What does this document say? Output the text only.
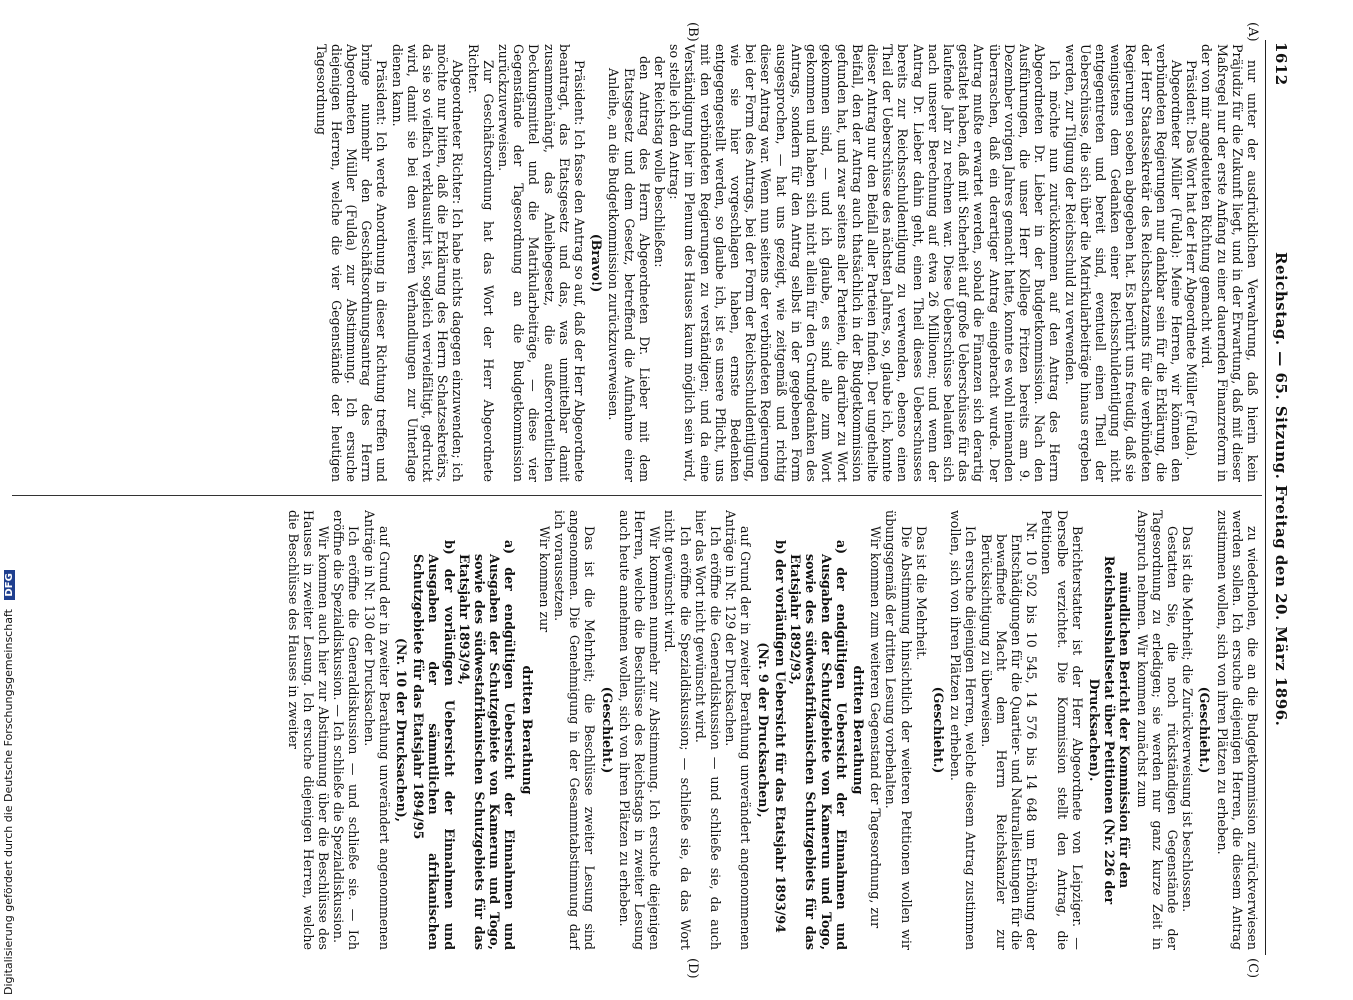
1612
Reichstag. — 65. Sitzung. Freitag den 20. März 1896.
(A)
(B)
(C)
(D)

nur unter der ausdrücklichen Verwahrung, daß hierin kein Präjudiz für die Zukunft liegt, und in der Erwartung, daß mit dieser Maßregel nur der erste Anfang zu einer dauernden Finanzreform in der von mir angedeuteten Richtung gemacht wird.

Präsident: Das Wort hat der Herr Abgeordnete Müller (Fulda).

Abgeordneter Müller (Fulda): Meine Herren, wir können den verbündeten Regierungen nur dankbar sein für die Erklärung, die der Herr Staatssekretär des Reichsschatzamts für die verbündeten Regierungen soeben abgegeben hat. Es berührt uns freudig, daß sie wenigstens dem Gedanken einer Reichsschuldentilgung nicht entgegentreten und bereit sind, eventuell einen Theil der Ueberschüsse, die sich über die Matrikularbeiträge hinaus ergeben werden, zur Tilgung der Reichsschuld zu verwenden.

Ich möchte nun zurückkommen auf den Antrag des Herrn Abgeordneten Dr. Lieber in der Budgetkommission. Nach den Ausführungen, die unser Herr Kollege Fritzen bereits am 9. Dezember vorigen Jahres gemacht hatte, konnte es wohl niemanden überraschen, daß ein derartiger Antrag eingebracht wurde. Der Antrag mußte erwartet werden, sobald die Finanzen sich derartig gestaltet haben, daß mit Sicherheit auf große Ueberschüsse für das laufende Jahr zu rechnen war. Diese Ueberschüsse belaufen sich nach unserer Berechnung auf etwa 26 Millionen; und wenn der Antrag Dr. Lieber dahin geht, einen Theil dieses Ueberschusses bereits zur Reichsschuldentilgung zu verwenden, ebenso einen Theil der Ueberschüsse des nächsten Jahres, so, glaube ich, konnte dieser Antrag nur den Beifall aller Parteien finden. Der ungetheilte Beifall, den der Antrag auch thatsächlich in der Budgetkommission gefunden hat, und zwar seitens aller Parteien, die darüber zu Wort gekommen sind, — und ich glaube, es sind alle zum Wort gekommen und haben sich nicht allein für den Grundgedanken des Antrags, sondern für den Antrag selbst in der gegebenen Form ausgesprochen, — hat uns gezeigt, wie zeitgemäß und richtig dieser Antrag war. Wenn nun seitens der verbündeten Regierungen bei der Form des Antrags, bei der Form der Reichsschuldentilgung, wie sie hier vorgeschlagen haben, ernste Bedenken entgegengestellt werden, so glaube ich, ist es unsere Pflicht, uns mit den verbündeten Regierungen zu verständigen; und da eine Verständigung hier im Plenum des Hauses kaum möglich sein wird, so stelle ich den Antrag:

der Reichstag wolle beschließen:

den Antrag des Herrn Abgeordneten Dr. Lieber mit dem Etatsgesetz und dem Gesetz, betreffend die Aufnahme einer Anleihe, an die Budgetkommission zurückzuverweisen.

(Bravo!)

Präsident: Ich fasse den Antrag so auf, daß der Herr Abgeordnete beantragt, das Etatsgesetz und das, was unmittelbar damit zusammenhängt, das Anleihegesetz, die außerordentlichen Deckungsmittel und die Matrikularbeiträge, — diese vier Gegenstände der Tagesordnung an die Budgetkommission zurückzuverweisen.

Zur Geschäftsordnung hat das Wort der Herr Abgeordnete Richter.

Abgeordneter Richter: Ich habe nichts dagegen einzuwenden; ich möchte nur bitten, daß die Erklärung des Herrn Schatzsekretärs, da sie so vielfach verklausulirt ist, sogleich vervielfältigt, gedruckt wird, damit sie bei den weiteren Verhandlungen zur Unterlage dienen kann.

Präsident: Ich werde Anordnung in dieser Richtung treffen und bringe nunmehr den Geschäftsordnungsantrag des Herrn Abgeordneten Müller (Fulda) zur Abstimmung. Ich ersuche diejenigen Herren, welche die vier Gegenstände der heutigen Tagesordnung

zu wiederholen, die an die Budgetkommission zurückverwiesen werden sollen. Ich ersuche diejenigen Herren, die diesem Antrag zustimmen wollen, sich von ihren Plätzen zu erheben.

(Geschieht.)

Das ist die Mehrheit; die Zurückverweisung ist beschlossen.

Gestatten Sie, die noch rückständigen Gegenstände der Tagesordnung zu erledigen; sie werden nur ganz kurze Zeit in Anspruch nehmen. Wir kommen zunächst zum

mündlichen Bericht der Kommission für den Reichshaushaltsetat über Petitionen (Nr. 226 der Drucksachen).

Berichterstatter ist der Herr Abgeordnete von Leipziger. — Derselbe verzichtet. Die Kommission stellt den Antrag, die Petitionen

Nr. 10 502 bis 10 545, 14 576 bis 14 648 um Erhöhung der Entschädigungen für die Quartier- und Naturalleistungen für die bewaffnete Macht dem Herrn Reichskanzler zur Berücksichtigung zu überweisen.

Ich ersuche diejenigen Herren, welche diesem Antrag zustimmen wollen, sich von ihren Plätzen zu erheben.

(Geschieht.)

Das ist die Mehrheit.

Die Abstimmung hinsichtlich der weiteren Petitionen wollen wir übungsgemäß der dritten Lesung vorbehalten.

Wir kommen zum weiteren Gegenstand der Tagesordnung, zur

dritten Berathung

a) der endgültigen Uebersicht der Einnahmen und Ausgaben der Schutzgebiete von Kamerun und Togo, sowie des südwestafrikanischen Schutzgebiets für das Etatsjahr 1892/93,

b) der vorläufigen Uebersicht für das Etatsjahr 1893/94

(Nr. 9 der Drucksachen),

auf Grund der in zweiter Berathung unverändert angenommenen Anträge in Nr. 129 der Drucksachen.

Ich eröffne die Generaldiskussion — und schließe sie, da auch hier das Wort nicht gewünscht wird.

Ich eröffne die Spezialdiskussion; — schließe sie, da das Wort nicht gewünscht wird.

Wir kommen nunmehr zur Abstimmung. Ich ersuche diejenigen Herren, welche die Beschlüsse des Reichstags in zweiter Lesung auch heute annehmen wollen, sich von ihren Plätzen zu erheben.

(Geschieht.)

Das ist die Mehrheit; die Beschlüsse zweiter Lesung sind angenommen. Die Genehmigung in der Gesammtabstimmung darf ich voraussetzen.

Wir kommen zur

dritten Berathung

a) der endgültigen Uebersicht der Einnahmen und Ausgaben der Schutzgebiete von Kamerun und Togo, sowie des südwestafrikanischen Schutzgebiets für das Etatsjahr 1893/94,

b) der vorläufigen Uebersicht der Einnahmen und Ausgaben der sämmtlichen afrikanischen Schutzgebiete für das Etatsjahr 1894/95

(Nr. 10 der Drucksachen),

auf Grund der in zweiter Berathung unverändert angenommenen Anträge in Nr. 130 der Drucksachen.

Ich eröffne die Generaldiskussion — und schließe sie. — Ich eröffne die Spezialdiskussion. — Ich schließe die Spezialdiskussion.

Wir kommen auch hier zur Abstimmung über die Beschlüsse des Hauses in zweiter Lesung. Ich ersuche diejenigen Herren, welche die Beschlüsse des Hauses in zweiter

Digitalisierung gefördert durch die Deutsche Forschungsgemeinschaft DFG
